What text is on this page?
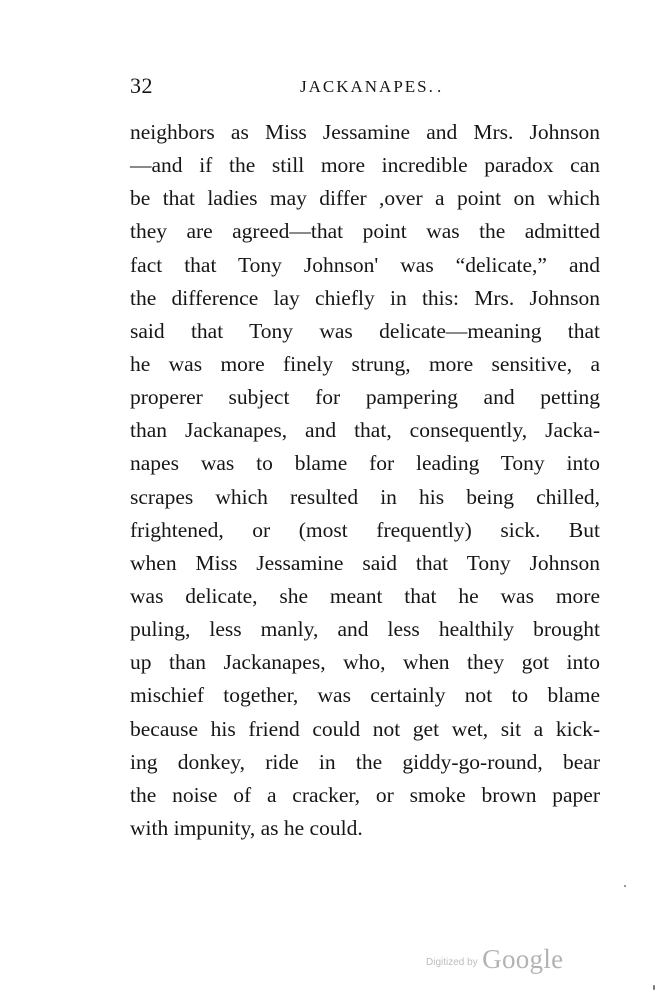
32	JACKANAPES. .
neighbors as Miss Jessamine and Mrs. Johnson
—and if the still more incredible paradox can
be that ladies may differ ,over a point on which
they are agreed—that point was the admitted
fact that Tony Johnson' was “delicate,” and
the difference lay chiefly in this: Mrs. Johnson
said that Tony was delicate—meaning that
he was more finely strung, more sensitive, a
properer subject for pampering and petting
than Jackanapes, and that, consequently, Jacka-
napes was to blame for leading Tony into
scrapes which resulted in his being chilled,
frightened, or (most frequently) sick. But
when Miss Jessamine said that Tony Johnson
was delicate, she meant that he was more
puling, less manly, and less healthily brought
up than Jackanapes, who, when they got into
mischief together, was certainly not to blame
because his friend could not get wet, sit a kick-
ing donkey, ride in the giddy-go-round, bear
the noise of a cracker, or smoke brown paper
with impunity, as he could.
Digitized by Google
